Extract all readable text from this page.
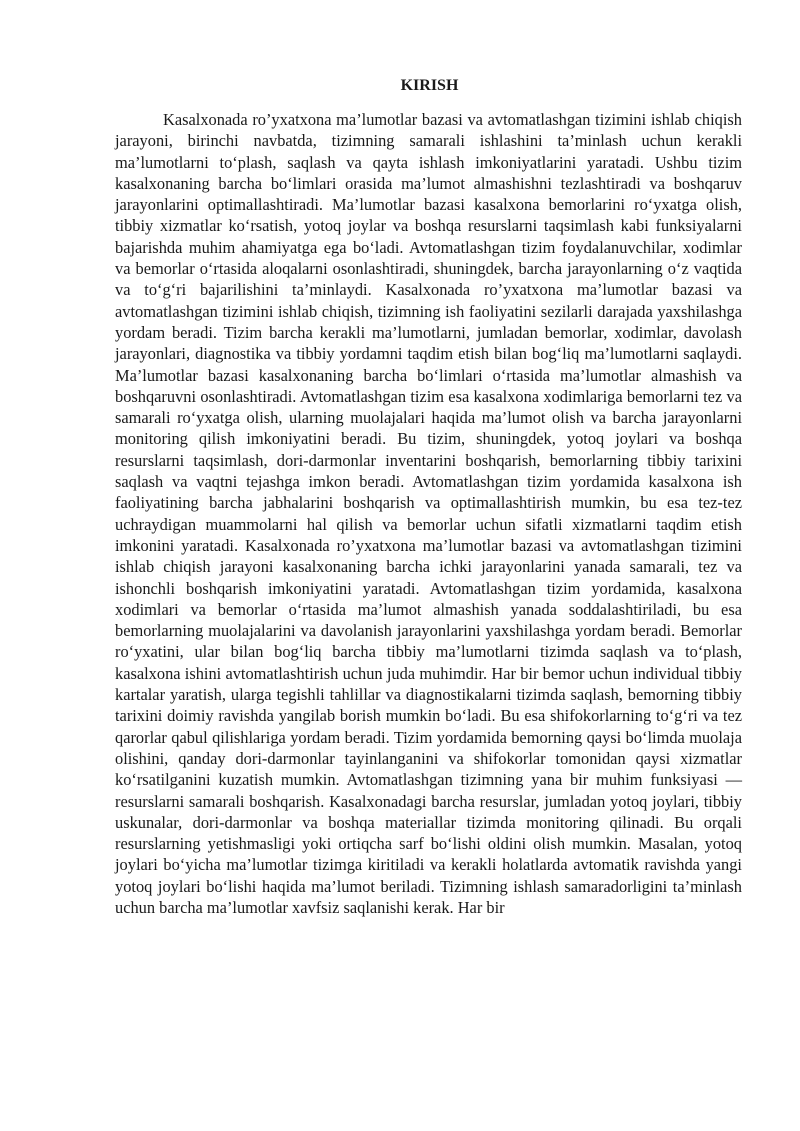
KIRISH

Kasalxonada ro’yxatxona ma’lumotlar bazasi va avtomatlashgan tizimini ishlab chiqish jarayoni, birinchi navbatda, tizimning samarali ishlashini ta’minlash uchun kerakli ma’lumotlarni to‘plash, saqlash va qayta ishlash imkoniyatlarini yaratadi. Ushbu tizim kasalxonaning barcha bo‘limlari orasida ma’lumot almashishni tezlashtiradi va boshqaruv jarayonlarini optimallashtiradi. Ma’lumotlar bazasi kasalxona bemorlarini ro‘yxatga olish, tibbiy xizmatlar ko‘rsatish, yotoq joylar va boshqa resurslarni taqsimlash kabi funksiyalarni bajarishda muhim ahamiyatga ega bo‘ladi. Avtomatlashgan tizim foydalanuvchilar, xodimlar va bemorlar o‘rtasida aloqalarni osonlashtiradi, shuningdek, barcha jarayonlarning o‘z vaqtida va to‘g‘ri bajarilishini ta’minlaydi. Kasalxonada ro’yxatxona ma’lumotlar bazasi va avtomatlashgan tizimini ishlab chiqish, tizimning ish faoliyatini sezilarli darajada yaxshilashga yordam beradi. Tizim barcha kerakli ma’lumotlarni, jumladan bemorlar, xodimlar, davolash jarayonlari, diagnostika va tibbiy yordamni taqdim etish bilan bog‘liq ma’lumotlarni saqlaydi. Ma’lumotlar bazasi kasalxonaning barcha bo‘limlari o‘rtasida ma’lumotlar almashish va boshqaruvni osonlashtiradi. Avtomatlashgan tizim esa kasalxona xodimlariga bemorlarni tez va samarali ro‘yxatga olish, ularning muolajalari haqida ma’lumot olish va barcha jarayonlarni monitoring qilish imkoniyatini beradi. Bu tizim, shuningdek, yotoq joylari va boshqa resurslarni taqsimlash, dori-darmonlar inventarini boshqarish, bemorlarning tibbiy tarixini saqlash va vaqtni tejashga imkon beradi. Avtomatlashgan tizim yordamida kasalxona ish faoliyatining barcha jabhalarini boshqarish va optimallashtirish mumkin, bu esa tez-tez uchraydigan muammolarni hal qilish va bemorlar uchun sifatli xizmatlarni taqdim etish imkonini yaratadi. Kasalxonada ro’yxatxona ma’lumotlar bazasi va avtomatlashgan tizimini ishlab chiqish jarayoni kasalxonaning barcha ichki jarayonlarini yanada samarali, tez va ishonchli boshqarish imkoniyatini yaratadi. Avtomatlashgan tizim yordamida, kasalxona xodimlari va bemorlar o‘rtasida ma’lumot almashish yanada soddalashtiriladi, bu esa bemorlarning muolajalarini va davolanish jarayonlarini yaxshilashga yordam beradi. Bemorlar ro‘yxatini, ular bilan bog‘liq barcha tibbiy ma’lumotlarni tizimda saqlash va to‘plash, kasalxona ishini avtomatlashtirish uchun juda muhimdir. Har bir bemor uchun individual tibbiy kartalar yaratish, ularga tegishli tahlillar va diagnostikalarni tizimda saqlash, bemorning tibbiy tarixini doimiy ravishda yangilab borish mumkin bo‘ladi. Bu esa shifokorlarning to‘g‘ri va tez qarorlar qabul qilishlariga yordam beradi. Tizim yordamida bemorning qaysi bo‘limda muolaja olishini, qanday dori-darmonlar tayinlanganini va shifokorlar tomonidan qaysi xizmatlar ko‘rsatilganini kuzatish mumkin. Avtomatlashgan tizimning yana bir muhim funksiyasi — resurslarni samarali boshqarish. Kasalxonadagi barcha resurslar, jumladan yotoq joylari, tibbiy uskunalar, dori-darmonlar va boshqa materiallar tizimda monitoring qilinadi. Bu orqali resurslarning yetishmasligi yoki ortiqcha sarf bo‘lishi oldini olish mumkin. Masalan, yotoq joylari bo‘yicha ma’lumotlar tizimga kiritiladi va kerakli holatlarda avtomatik ravishda yangi yotoq joylari bo‘lishi haqida ma’lumot beriladi. Tizimning ishlash samaradorligini ta’minlash uchun barcha ma’lumotlar xavfsiz saqlanishi kerak. Har bir
